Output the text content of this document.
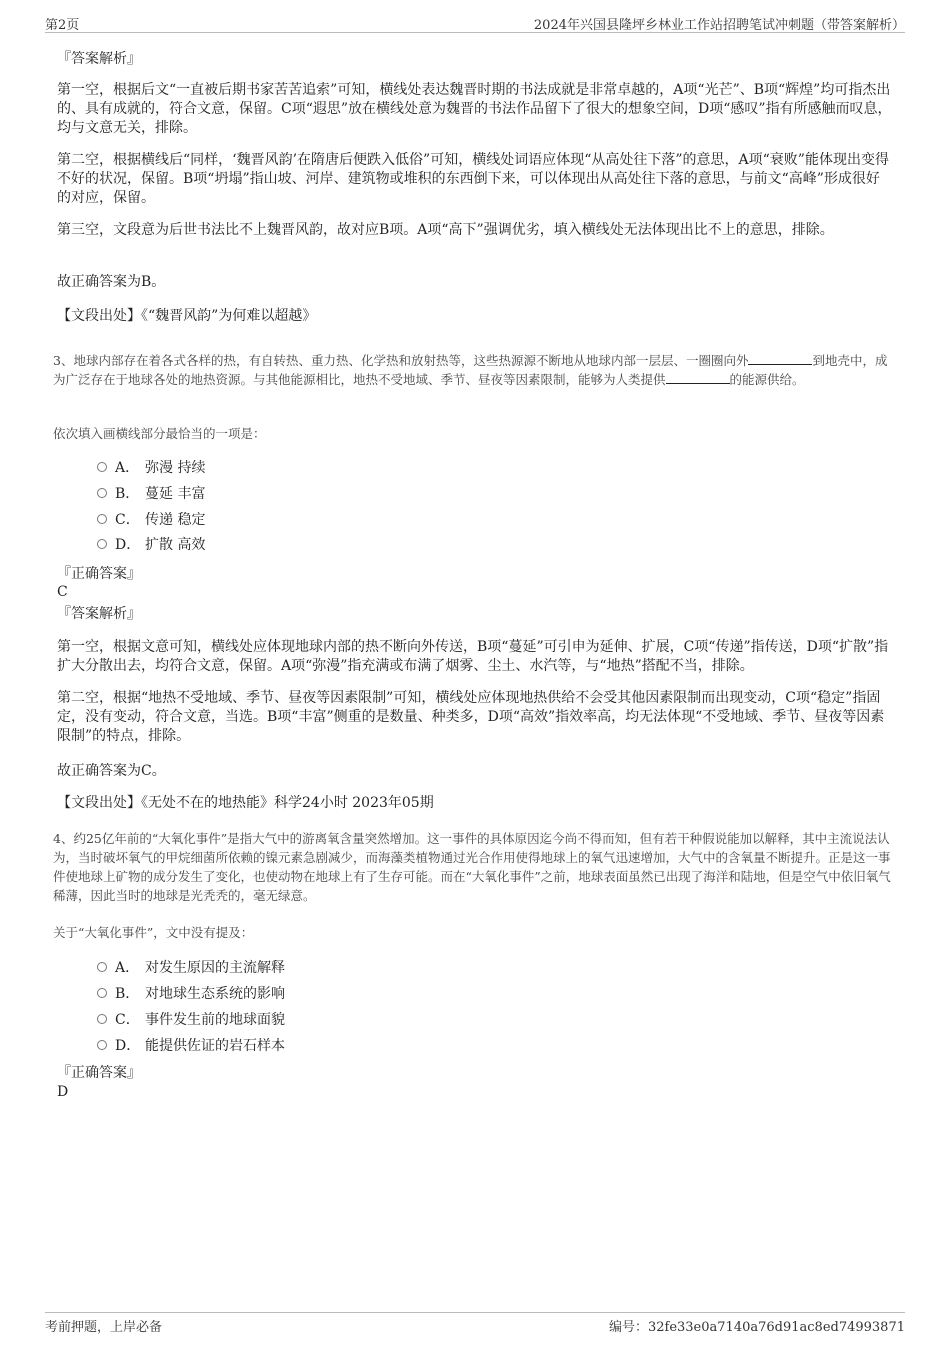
第2页	2024年兴国县隆坪乡林业工作站招聘笔试冲刺题（带答案解析）
『答案解析』

第一空，根据后文“一直被后期书家苦苦追索”可知，横线处表达魏晋时期的书法成就是非常卓越的，A项“光芒”、B项“辉煌”均可指杰出的、具有成就的，符合文意，保留。C项“遐思”放在横线处意为魏晋的书法作品留下了很大的想象空间，D项“感叹”指有所感触而叹息，均与文意无关，排除。

第二空，根据横线后“同样，‘魏晋风韵’在隋唐后便跌入低俗”可知，横线处词语应体现“从高处往下落”的意思，A项“衰败”能体现出变得不好的状况，保留。B项“坍塌”指山坡、河岸、建筑物或堆积的东西倒下来，可以体现出从高处往下落的意思，与前文“高峰”形成很好的对应，保留。

第三空，文段意为后世书法比不上魏晋风韵，故对应B项。A项“高下”强调优劣，填入横线处无法体现出比不上的意思，排除。

故正确答案为B。
【文段出处】《“魏晋风韵”为何难以超越》

3、地球内部存在着各式各样的热，有自转热、重力热、化学热和放射热等，这些热源源不断地从地球内部一层层、一圈圈向外	到地壳中，成为广泛存在于地球各处的地热资源。与其他能源相比，地热不受地域、季节、昼夜等因素限制，能够为人类提供	的能源供给。

依次填入画横线部分最恰当的一项是：
A． 弥漫 持续
B． 蔓延 丰富
C． 传递 稳定
D． 扩散 高效
『正确答案』
C
『答案解析』

第一空，根据文意可知，横线处应体现地球内部的热不断向外传送，B项“蔓延”可引申为延伸、扩展，C项“传递”指传送，D项“扩散”指扩大分散出去，均符合文意，保留。A项“弥漫”指充满或布满了烟雾、尘土、水汽等，与“地热”搭配不当，排除。

第二空，根据“地热不受地域、季节、昼夜等因素限制”可知，横线处应体现地热供给不会受其他因素限制而出现变动，C项“稳定”指固定，没有变动，符合文意，当选。B项“丰富”侧重的是数量、种类多，D项“高效”指效率高，均无法体现“不受地域、季节、昼夜等因素限制”的特点，排除。

故正确答案为C。
【文段出处】《无处不在的地热能》科学24小时 2023年05期

4、约25亿年前的“大氧化事件”是指大气中的游离氧含量突然增加。这一事件的具体原因迄今尚不得而知，但有若干种假说能加以解释，其中主流说法认为，当时破坏氧气的甲烷细菌所依赖的镍元素急剧减少，而海藻类植物通过光合作用使得地球上的氧气迅速增加，大气中的含氧量不断提升。正是这一事件使地球上矿物的成分发生了变化，也使动物在地球上有了生存可能。而在“大氧化事件”之前，地球表面虽然已出现了海洋和陆地，但是空气中依旧氧气稀薄，因此当时的地球是光秃秃的，毫无绿意。

关于“大氧化事件”，文中没有提及：
A． 对发生原因的主流解释
B． 对地球生态系统的影响
C． 事件发生前的地球面貌
D． 能提供佐证的岩石样本
『正确答案』
D
考前押题，上岸必备	编号：32fe33e0a7140a76d91ac8ed74993871
